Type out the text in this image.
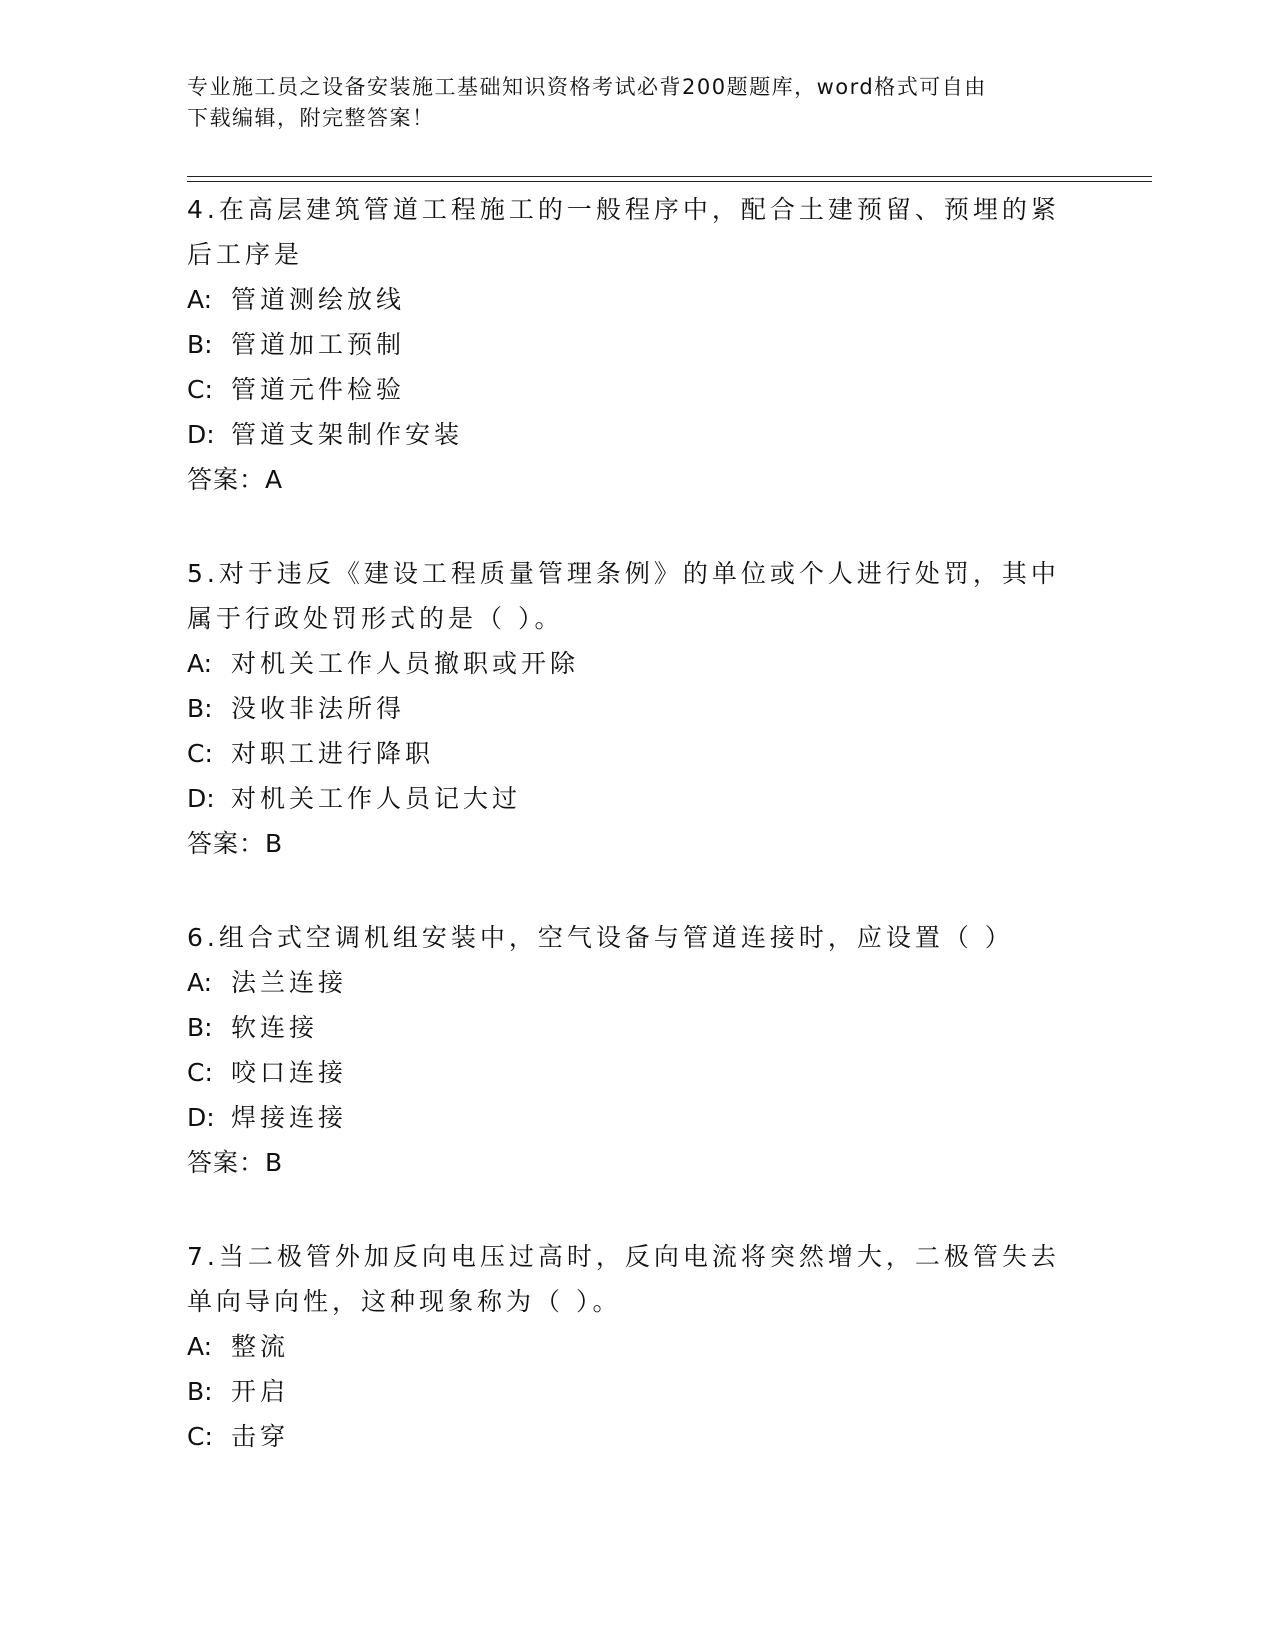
专业施工员之设备安装施工基础知识资格考试必背200题题库，word格式可自由
下载编辑，附完整答案！

4.在高层建筑管道工程施工的一般程序中，配合土建预留、预埋的紧

后工序是

A: 管道测绘放线

B: 管道加工预制

C: 管道元件检验

D: 管道支架制作安装

答案：A

5.对于违反《建设工程质量管理条例》的单位或个人进行处罚，其中

属于行政处罚形式的是（ ）。

A: 对机关工作人员撤职或开除

B: 没收非法所得

C: 对职工进行降职

D: 对机关工作人员记大过

答案：B

6.组合式空调机组安装中，空气设备与管道连接时，应设置（ ）

A: 法兰连接

B: 软连接

C: 咬口连接

D: 焊接连接

答案：B

7.当二极管外加反向电压过高时，反向电流将突然增大，二极管失去

单向导向性，这种现象称为（ ）。

A: 整流

B: 开启

C: 击穿
